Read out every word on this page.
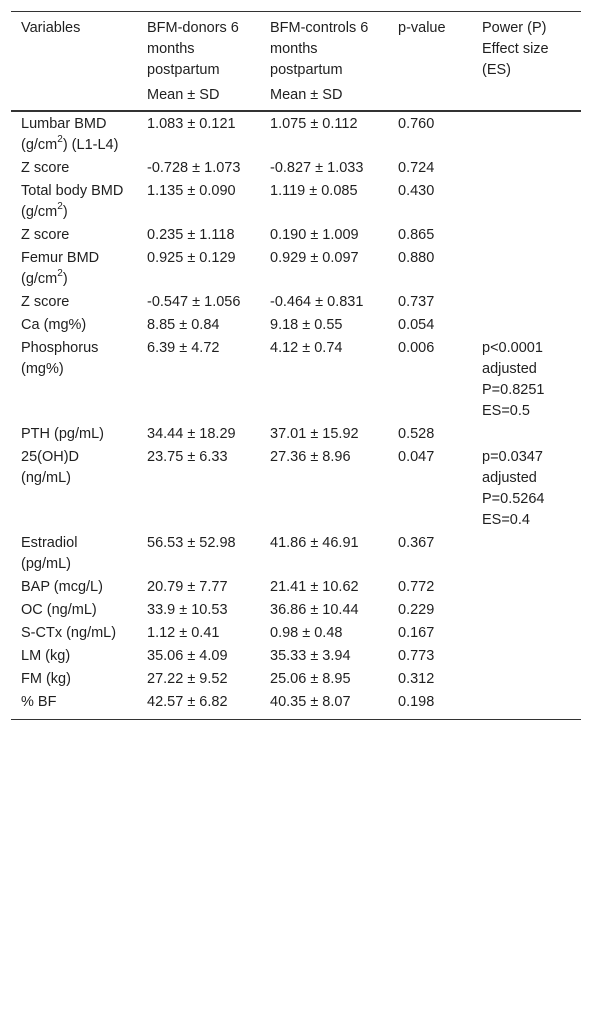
Variables	BFM-donors 6 months postpartum	BFM-controls 6 months postpartum	p-value	Power (P) Effect size (ES)
	Mean ± SD	Mean ± SD		
Lumbar BMD $(g/cm^2)$ (L1-L4)	1.083 ± 0.121	1.075 ± 0.112	0.760	
Z score	-0.728 ± 1.073	-0.827 ± 1.033	0.724	
Total body BMD $(g/cm^2)$	1.135 ± 0.090	1.119 ± 0.085	0.430	
Z score	0.235 ± 1.118	0.190 ± 1.009	0.865	
Femur BMD $(g/cm^2)$	0.925 ± 0.129	0.929 ± 0.097	0.880	
Z score	-0.547 ± 1.056	-0.464 ± 0.831	0.737	
Ca (mg%)	8.85 ± 0.84	9.18 ± 0.55	0.054	
Phosphorus (mg%)	6.39 ± 4.72	4.12 ± 0.74	0.006	p<0.0001 adjusted P=0.8251 ES=0.5
PTH (pg/mL)	34.44 ± 18.29	37.01 ± 15.92	0.528	
25(OH)D (ng/mL)	23.75 ± 6.33	27.36 ± 8.96	0.047	p=0.0347 adjusted P=0.5264 ES=0.4
Estradiol (pg/mL)	56.53 ± 52.98	41.86 ± 46.91	0.367	
BAP (mcg/L)	20.79 ± 7.77	21.41 ± 10.62	0.772	
OC (ng/mL)	33.9 ± 10.53	36.86 ± 10.44	0.229	
S-CTx (ng/mL)	1.12 ± 0.41	0.98 ± 0.48	0.167	
LM (kg)	35.06 ± 4.09	35.33 ± 3.94	0.773	
FM (kg)	27.22 ± 9.52	25.06 ± 8.95	0.312	
% BF	42.57 ± 6.82	40.35 ± 8.07	0.198	
